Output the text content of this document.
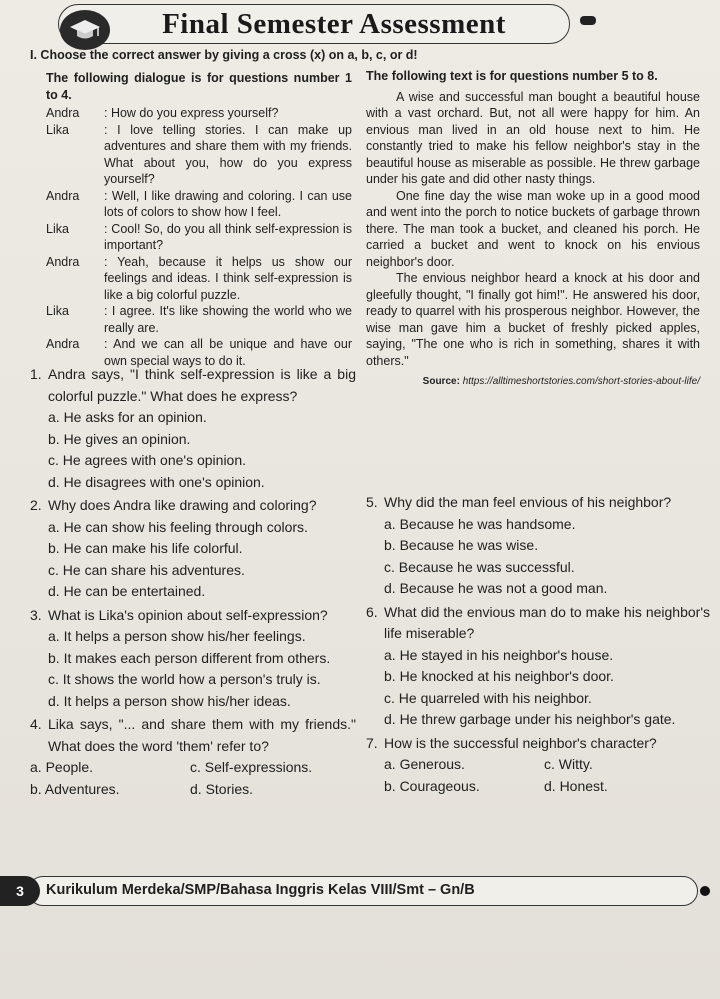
Final Semester Assessment
I. Choose the correct answer by giving a cross (x) on a, b, c, or d!

The following dialogue is for questions number 1 to 4.

Andra	: How do you express yourself?
Lika	: I love telling stories. I can make up adventures and share them with my friends. What about you, how do you express yourself?
Andra	: Well, I like drawing and coloring. I can use lots of colors to show how I feel.
Lika	: Cool! So, do you all think self-expression is important?
Andra	: Yeah, because it helps us show our feelings and ideas. I think self-expression is like a big colorful puzzle.
Lika	: I agree. It's like showing the world who we really are.
Andra	: And we can all be unique and have our own special ways to do it.

The following text is for questions number 5 to 8.

A wise and successful man bought a beautiful house with a vast orchard. But, not all were happy for him. An envious man lived in an old house next to him. He constantly tried to make his fellow neighbor's stay in the beautiful house as miserable as possible. He threw garbage under his gate and did other nasty things.

One fine day the wise man woke up in a good mood and went into the porch to notice buckets of garbage thrown there. The man took a bucket, and cleaned his porch. He carried a bucket and went to knock on his envious neighbor's door.

The envious neighbor heard a knock at his door and gleefully thought, "I finally got him!". He answered his door, ready to quarrel with his prosperous neighbor. However, the wise man gave him a bucket of freshly picked apples, saying, "The one who is rich in something, shares it with others."

Source: https://alltimeshortstories.com/short-stories-about-life/
1. Andra says, "I think self-expression is like a big colorful puzzle." What does he express?
a. He asks for an opinion.
b. He gives an opinion.
c. He agrees with one's opinion.
d. He disagrees with one's opinion.
2. Why does Andra like drawing and coloring?
a. He can show his feeling through colors.
b. He can make his life colorful.
c. He can share his adventures.
d. He can be entertained.
3. What is Lika's opinion about self-expression?
a. It helps a person show his/her feelings.
b. It makes each person different from others.
c. It shows the world how a person's truly is.
d. It helps a person show his/her ideas.
4. Lika says, "... and share them with my friends." What does the word 'them' refer to?
a. People.	c. Self-expressions.
b. Adventures.	d. Stories.
5. Why did the man feel envious of his neighbor?
a. Because he was handsome.
b. Because he was wise.
c. Because he was successful.
d. Because he was not a good man.
6. What did the envious man do to make his neighbor's life miserable?
a. He stayed in his neighbor's house.
b. He knocked at his neighbor's door.
c. He quarreled with his neighbor.
d. He threw garbage under his neighbor's gate.
7. How is the successful neighbor's character?
a. Generous.	c. Witty.
b. Courageous.	d. Honest.
3	Kurikulum Merdeka/SMP/Bahasa Inggris Kelas VIII/Smt – Gn/B
